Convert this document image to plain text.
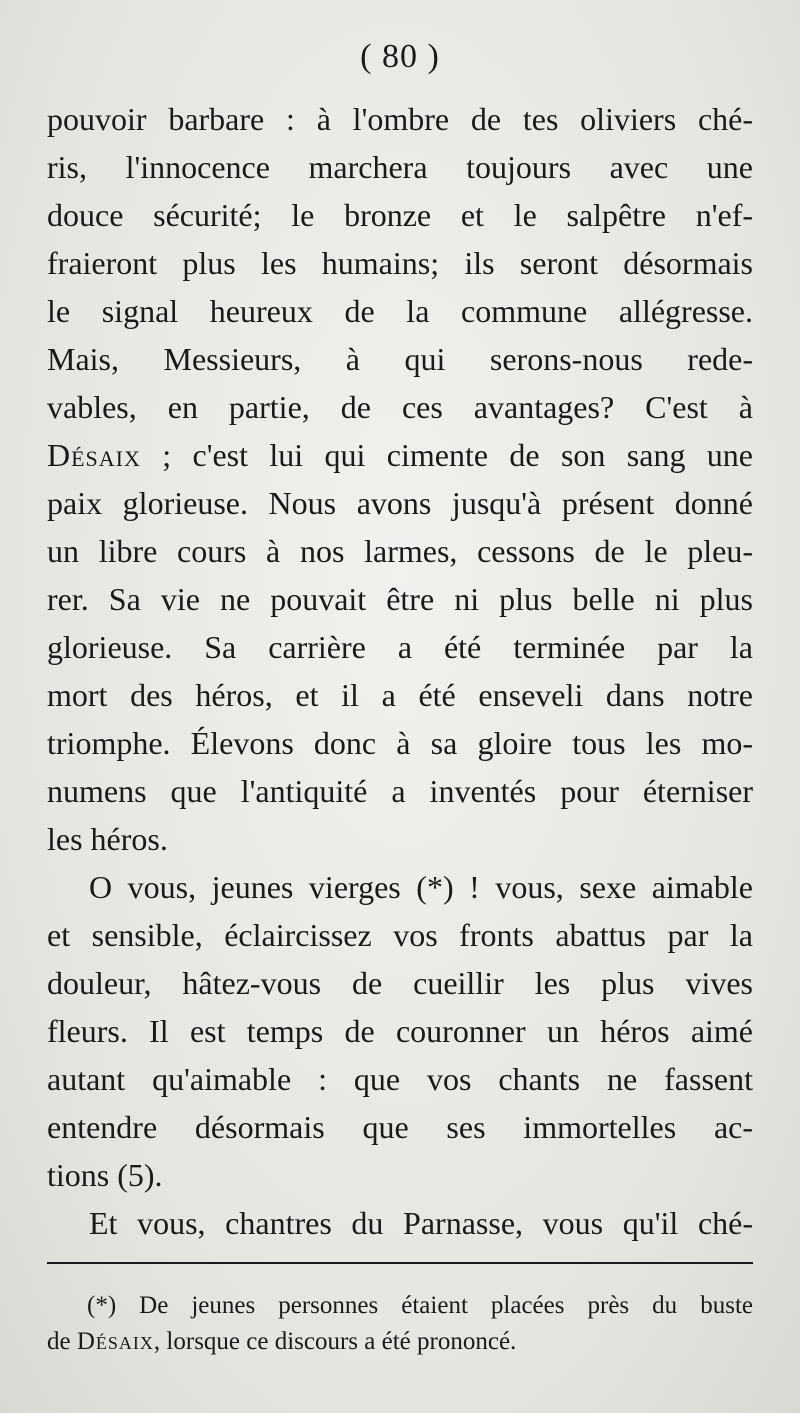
( 80 )
pouvoir barbare : à l'ombre de tes oliviers ché-
ris, l'innocence marchera toujours avec une
douce sécurité; le bronze et le salpêtre n'ef-
fraieront plus les humains; ils seront désormais
le signal heureux de la commune allégresse.
Mais, Messieurs, à qui serons-nous rede-
vables, en partie, de ces avantages? C'est à
Désaix ; c'est lui qui cimente de son sang une
paix glorieuse. Nous avons jusqu'à présent donné
un libre cours à nos larmes, cessons de le pleu-
rer. Sa vie ne pouvait être ni plus belle ni plus
glorieuse. Sa carrière a été terminée par la
mort des héros, et il a été enseveli dans notre
triomphe. Élevons donc à sa gloire tous les mo-
numens que l'antiquité a inventés pour éterniser
les héros.
O vous, jeunes vierges (*) ! vous, sexe aimable
et sensible, éclaircissez vos fronts abattus par la
douleur, hâtez-vous de cueillir les plus vives
fleurs. Il est temps de couronner un héros aimé
autant qu'aimable : que vos chants ne fassent
entendre désormais que ses immortelles ac-
tions (5).
Et vous, chantres du Parnasse, vous qu'il ché-
(*) De jeunes personnes étaient placées près du buste
de Désaix, lorsque ce discours a été prononcé.
